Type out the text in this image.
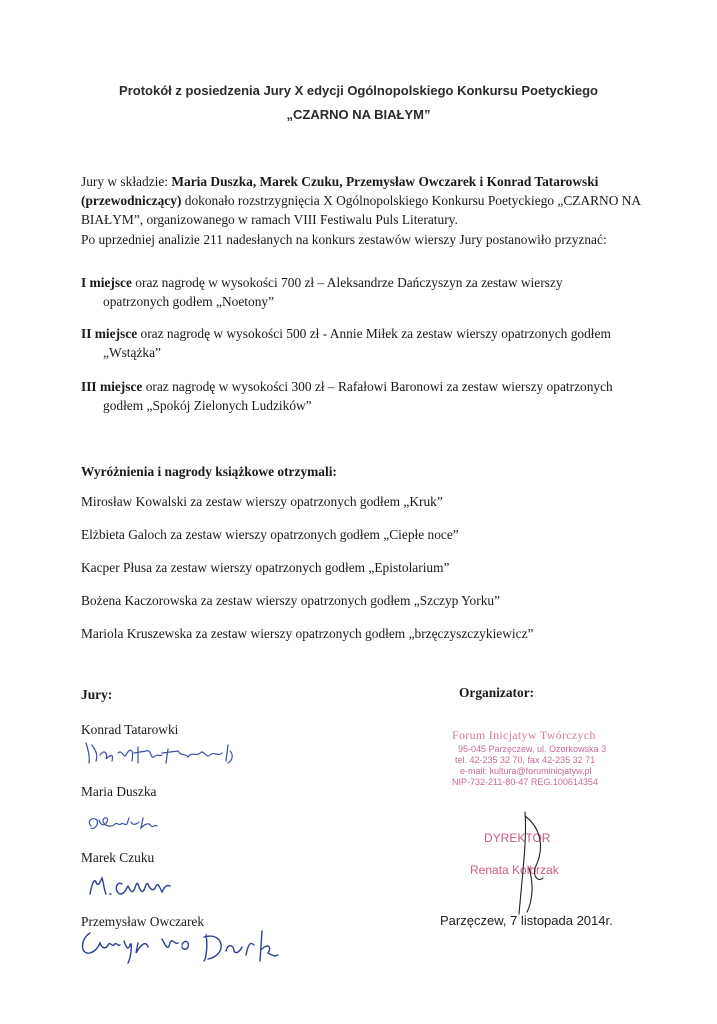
Protokół z posiedzenia Jury X edycji Ogólnopolskiego Konkursu Poetyckiego
„CZARNO NA BIAŁYM”

Jury w składzie: Maria Duszka, Marek Czuku, Przemysław Owczarek i Konrad Tatarowski (przewodniczący) dokonało rozstrzygnięcia X Ogólnopolskiego Konkursu Poetyckiego „CZARNO NA BIAŁYM”, organizowanego w ramach VIII Festiwalu Puls Literatury.

Po uprzedniej analizie 211 nadesłanych na konkurs zestawów wierszy Jury postanowiło przyznać:

I miejsce oraz nagrodę w wysokości 700 zł – Aleksandrze Dańczyszyn za zestaw wierszy
opatrzonych godłem „Noetony”

II miejsce oraz nagrodę w wysokości 500 zł - Annie Miłek za zestaw wierszy opatrzonych godłem
„Wstążka”

III miejsce oraz nagrodę w wysokości 300 zł – Rafałowi Baronowi za zestaw wierszy opatrzonych
godłem „Spokój Zielonych Ludzików”

Wyróżnienia i nagrody książkowe otrzymali:

Mirosław Kowalski za zestaw wierszy opatrzonych godłem „Kruk”

Elżbieta Galoch za zestaw wierszy opatrzonych godłem „Ciepłe noce”

Kacper Płusa za zestaw wierszy opatrzonych godłem „Epistolarium”

Bożena Kaczorowska za zestaw wierszy opatrzonych godłem „Szczyp Yorku”

Mariola Kruszewska za zestaw wierszy opatrzonych godłem „brzęczyszczykiewicz”

Jury:	Organizator:
Konrad Tatarowki
Maria Duszka
Marek Czuku
Przemysław Owczarek
Forum Inicjatyw Twórczych
95-045 Parzęczew, ul. Ozorkowska 3
tel. 42-235 32 70, fax 42-235 32 71
e-mail: kultura@foruminicjatyw.pl
NIP-732-211-80-47 REG.100614354
DYREKTOR
Renata Kolbrzak
Parzęczew, 7 listopada 2014r.
